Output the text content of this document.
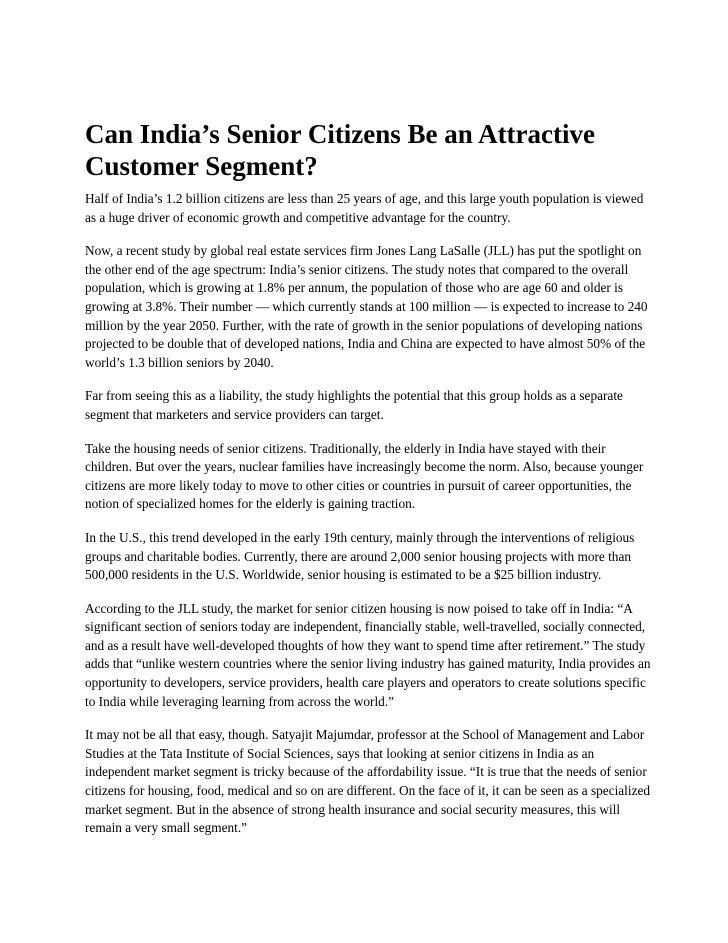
Can India’s Senior Citizens Be an Attractive Customer Segment?

Half of India’s 1.2 billion citizens are less than 25 years of age, and this large youth population is viewed as a huge driver of economic growth and competitive advantage for the country.

Now, a recent study by global real estate services firm Jones Lang LaSalle (JLL) has put the spotlight on the other end of the age spectrum: India’s senior citizens. The study notes that compared to the overall population, which is growing at 1.8% per annum, the population of those who are age 60 and older is growing at 3.8%. Their number — which currently stands at 100 million — is expected to increase to 240 million by the year 2050. Further, with the rate of growth in the senior populations of developing nations projected to be double that of developed nations, India and China are expected to have almost 50% of the world’s 1.3 billion seniors by 2040.

Far from seeing this as a liability, the study highlights the potential that this group holds as a separate segment that marketers and service providers can target.

Take the housing needs of senior citizens. Traditionally, the elderly in India have stayed with their children. But over the years, nuclear families have increasingly become the norm. Also, because younger citizens are more likely today to move to other cities or countries in pursuit of career opportunities, the notion of specialized homes for the elderly is gaining traction.

In the U.S., this trend developed in the early 19th century, mainly through the interventions of religious groups and charitable bodies. Currently, there are around 2,000 senior housing projects with more than 500,000 residents in the U.S. Worldwide, senior housing is estimated to be a $25 billion industry.

According to the JLL study, the market for senior citizen housing is now poised to take off in India: “A significant section of seniors today are independent, financially stable, well-travelled, socially connected, and as a result have well-developed thoughts of how they want to spend time after retirement.” The study adds that “unlike western countries where the senior living industry has gained maturity, India provides an opportunity to developers, service providers, health care players and operators to create solutions specific to India while leveraging learning from across the world.”

It may not be all that easy, though. Satyajit Majumdar, professor at the School of Management and Labor Studies at the Tata Institute of Social Sciences, says that looking at senior citizens in India as an independent market segment is tricky because of the affordability issue. “It is true that the needs of senior citizens for housing, food, medical and so on are different. On the face of it, it can be seen as a specialized market segment. But in the absence of strong health insurance and social security measures, this will remain a very small segment.”
